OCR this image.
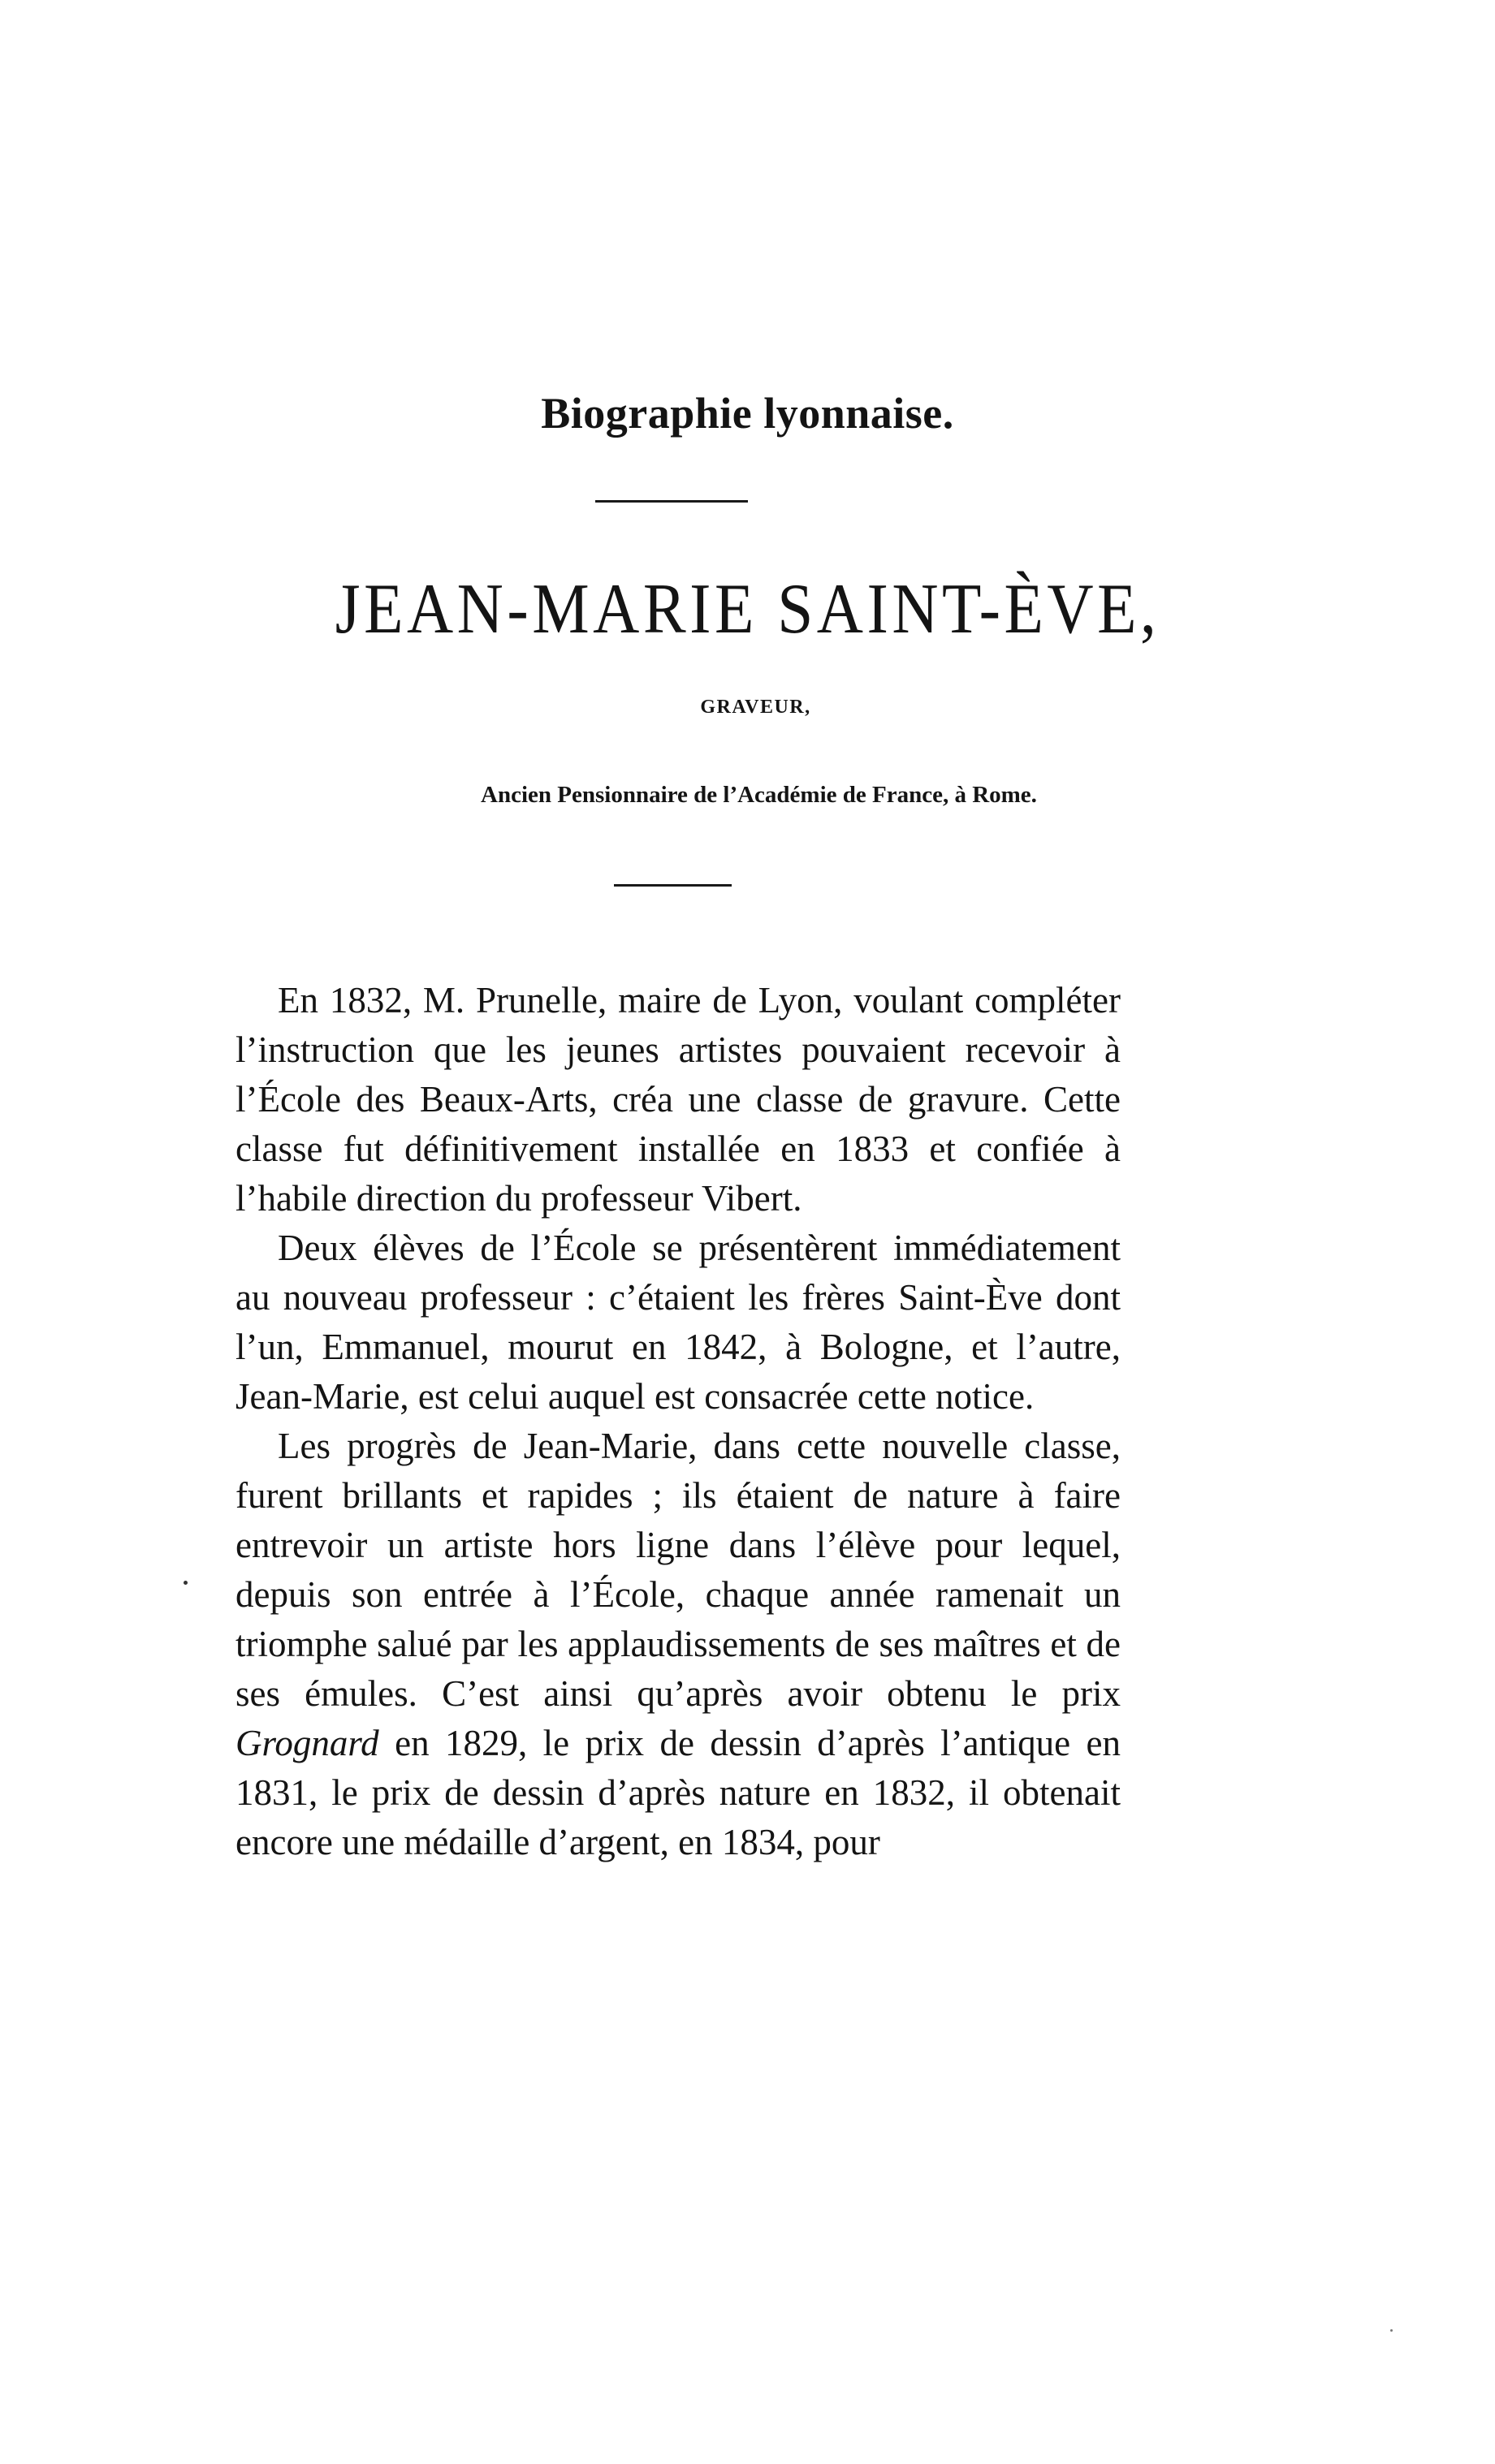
Biographie lyonnaise.
JEAN-MARIE SAINT-ÈVE,
GRAVEUR,
Ancien Pensionnaire de l’Académie de France, à Rome.

En 1832, M. Prunelle, maire de Lyon, voulant compléter l’instruction que les jeunes artistes pouvaient recevoir à l’École des Beaux-Arts, créa une classe de gravure. Cette classe fut définitivement installée en 1833 et confiée à l’habile direction du professeur Vibert.

Deux élèves de l’École se présentèrent immédiatement au nouveau professeur : c’étaient les frères Saint-Ève dont l’un, Emmanuel, mourut en 1842, à Bologne, et l’autre, Jean-Marie, est celui auquel est consacrée cette notice.

Les progrès de Jean-Marie, dans cette nouvelle classe, furent brillants et rapides ; ils étaient de nature à faire entrevoir un artiste hors ligne dans l’élève pour lequel, depuis son entrée à l’École, chaque année ramenait un triomphe salué par les applaudissements de ses maîtres et de ses émules. C’est ainsi qu’après avoir obtenu le prix Grognard en 1829, le prix de dessin d’après l’antique en 1831, le prix de dessin d’après nature en 1832, il obtenait encore une médaille d’argent, en 1834, pour
